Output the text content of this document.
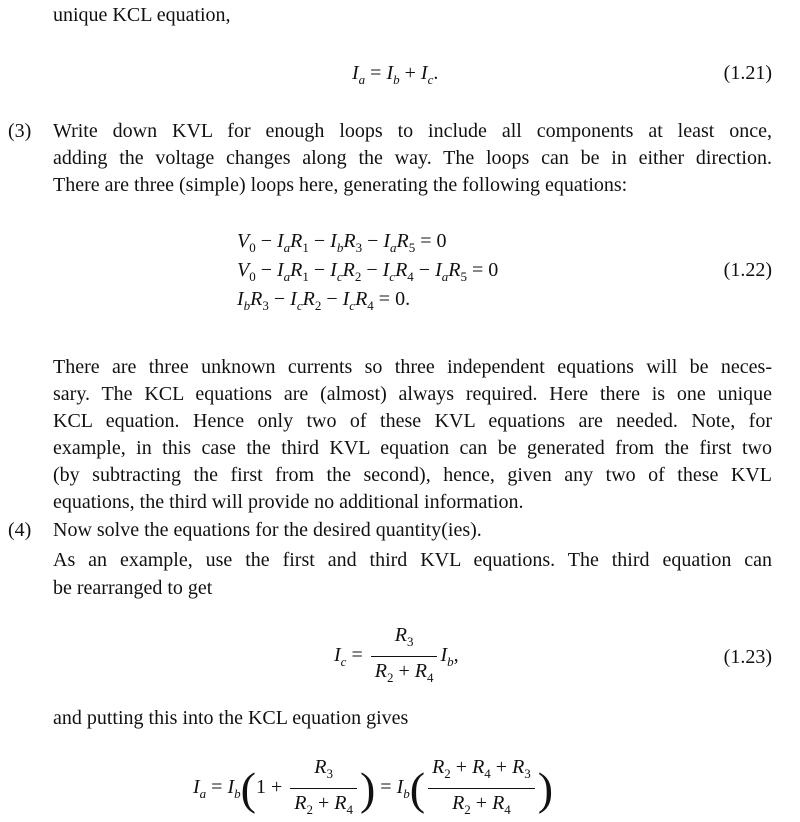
unique KCL equation,
$I_a = I_b + I_c$.	(1.21)
(3) Write down KVL for enough loops to include all components at least once,
adding the voltage changes along the way. The loops can be in either direction.
There are three (simple) loops here, generating the following equations:
$V_0 - I_aR_1 - I_bR_3 - I_aR_5 = 0$
$V_0 - I_aR_1 - I_cR_2 - I_cR_4 - I_aR_5 = 0$
$I_bR_3 - I_cR_2 - I_cR_4 = 0$.
(1.22)
There are three unknown currents so three independent equations will be neces-
sary. The KCL equations are (almost) always required. Here there is one unique
KCL equation. Hence only two of these KVL equations are needed. Note, for
example, in this case the third KVL equation can be generated from the first two
(by subtracting the first from the second), hence, given any two of these KVL
equations, the third will provide no additional information.
(4) Now solve the equations for the desired quantity(ies).
As an example, use the first and third KVL equations. The third equation can
be rearranged to get
$I_c = \frac{R_3}{R_2 + R_4} I_b$,	(1.23)
and putting this into the KCL equation gives
$I_a = I_b(1 + \frac{R_3}{R_2 + R_4}$ ) = $I_b( \frac{R_2 + R_4 + R_3}{R_2 + R_4}$ )
